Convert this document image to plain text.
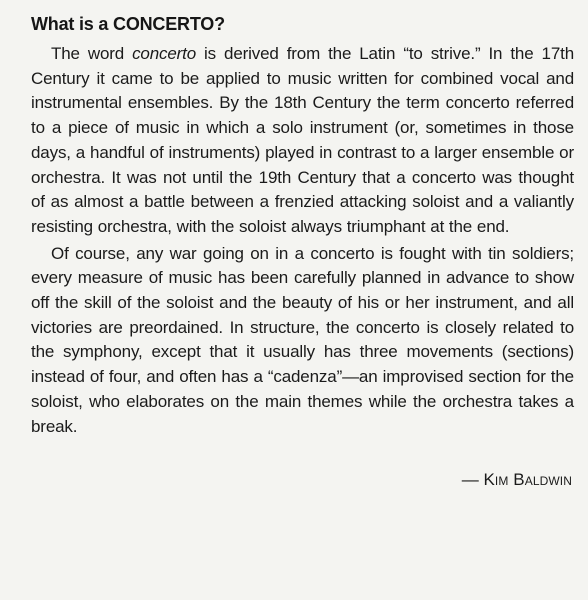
What is a CONCERTO?

The word concerto is derived from the Latin “to strive.” In the 17th Century it came to be applied to music written for combined vocal and instrumental ensembles. By the 18th Century the term concerto referred to a piece of music in which a solo instrument (or, sometimes in those days, a handful of instruments) played in contrast to a larger ensemble or orchestra. It was not until the 19th Century that a concerto was thought of as almost a battle between a frenzied attacking soloist and a valiantly resisting orchestra, with the soloist always triumphant at the end.

Of course, any war going on in a concerto is fought with tin soldiers; every measure of music has been carefully planned in advance to show off the skill of the soloist and the beauty of his or her instrument, and all victories are preordained. In structure, the concerto is closely related to the symphony, except that it usually has three movements (sections) instead of four, and often has a “cadenza”—an improvised section for the soloist, who elaborates on the main themes while the orchestra takes a break.

— Kim Baldwin
